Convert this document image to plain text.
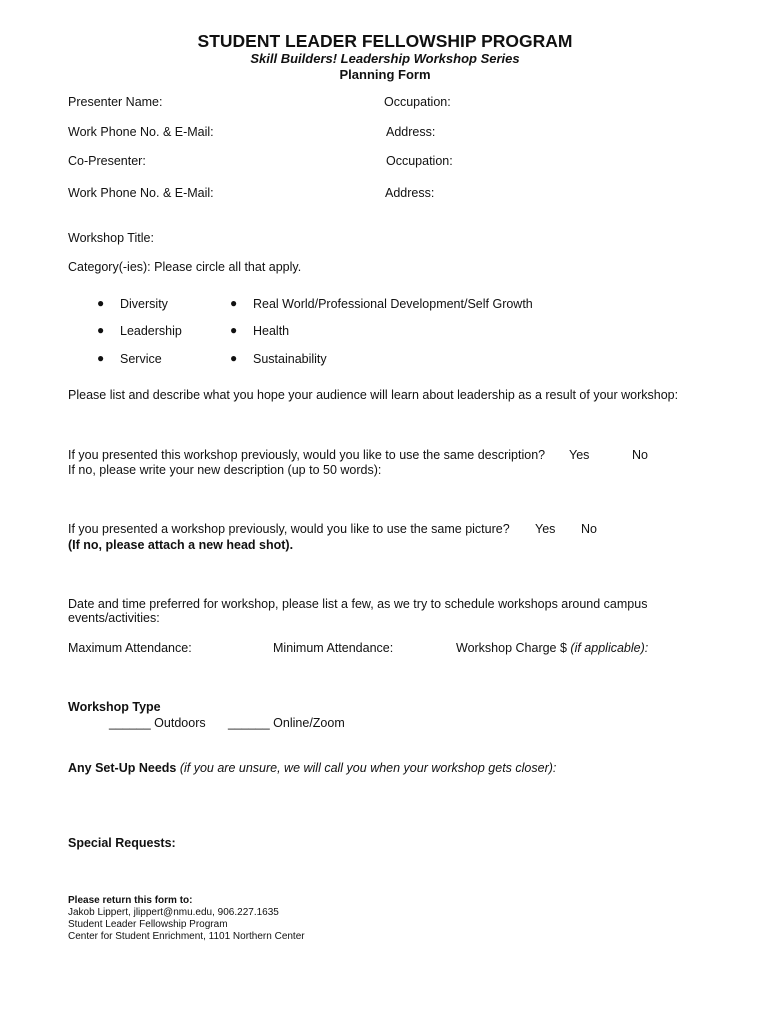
STUDENT LEADER FELLOWSHIP PROGRAM
Skill Builders! Leadership Workshop Series
Planning Form
Presenter Name:	Occupation:
Work Phone No. & E-Mail:	Address:
Co-Presenter:	Occupation:
Work Phone No. & E-Mail:	Address:
Workshop Title:
Category(-ies): Please circle all that apply.
● Diversity	● Real World/Professional Development/Self Growth
● Leadership	● Health
● Service	● Sustainability
Please list and describe what you hope your audience will learn about leadership as a result of your workshop:
If you presented this workshop previously, would you like to use the same description? Yes	No
If no, please write your new description (up to 50 words):
If you presented a workshop previously, would you like to use the same picture? Yes No
(If no, please attach a new head shot).
Date and time preferred for workshop, please list a few, as we try to schedule workshops around campus
events/activities:
Maximum Attendance:	Minimum Attendance:	Workshop Charge $ (if applicable):
Workshop Type
______ Outdoors ______ Online/Zoom
Any Set-Up Needs (if you are unsure, we will call you when your workshop gets closer):
Special Requests:
Please return this form to:
Jakob Lippert, jlippert@nmu.edu, 906.227.1635
Student Leader Fellowship Program
Center for Student Enrichment, 1101 Northern Center
